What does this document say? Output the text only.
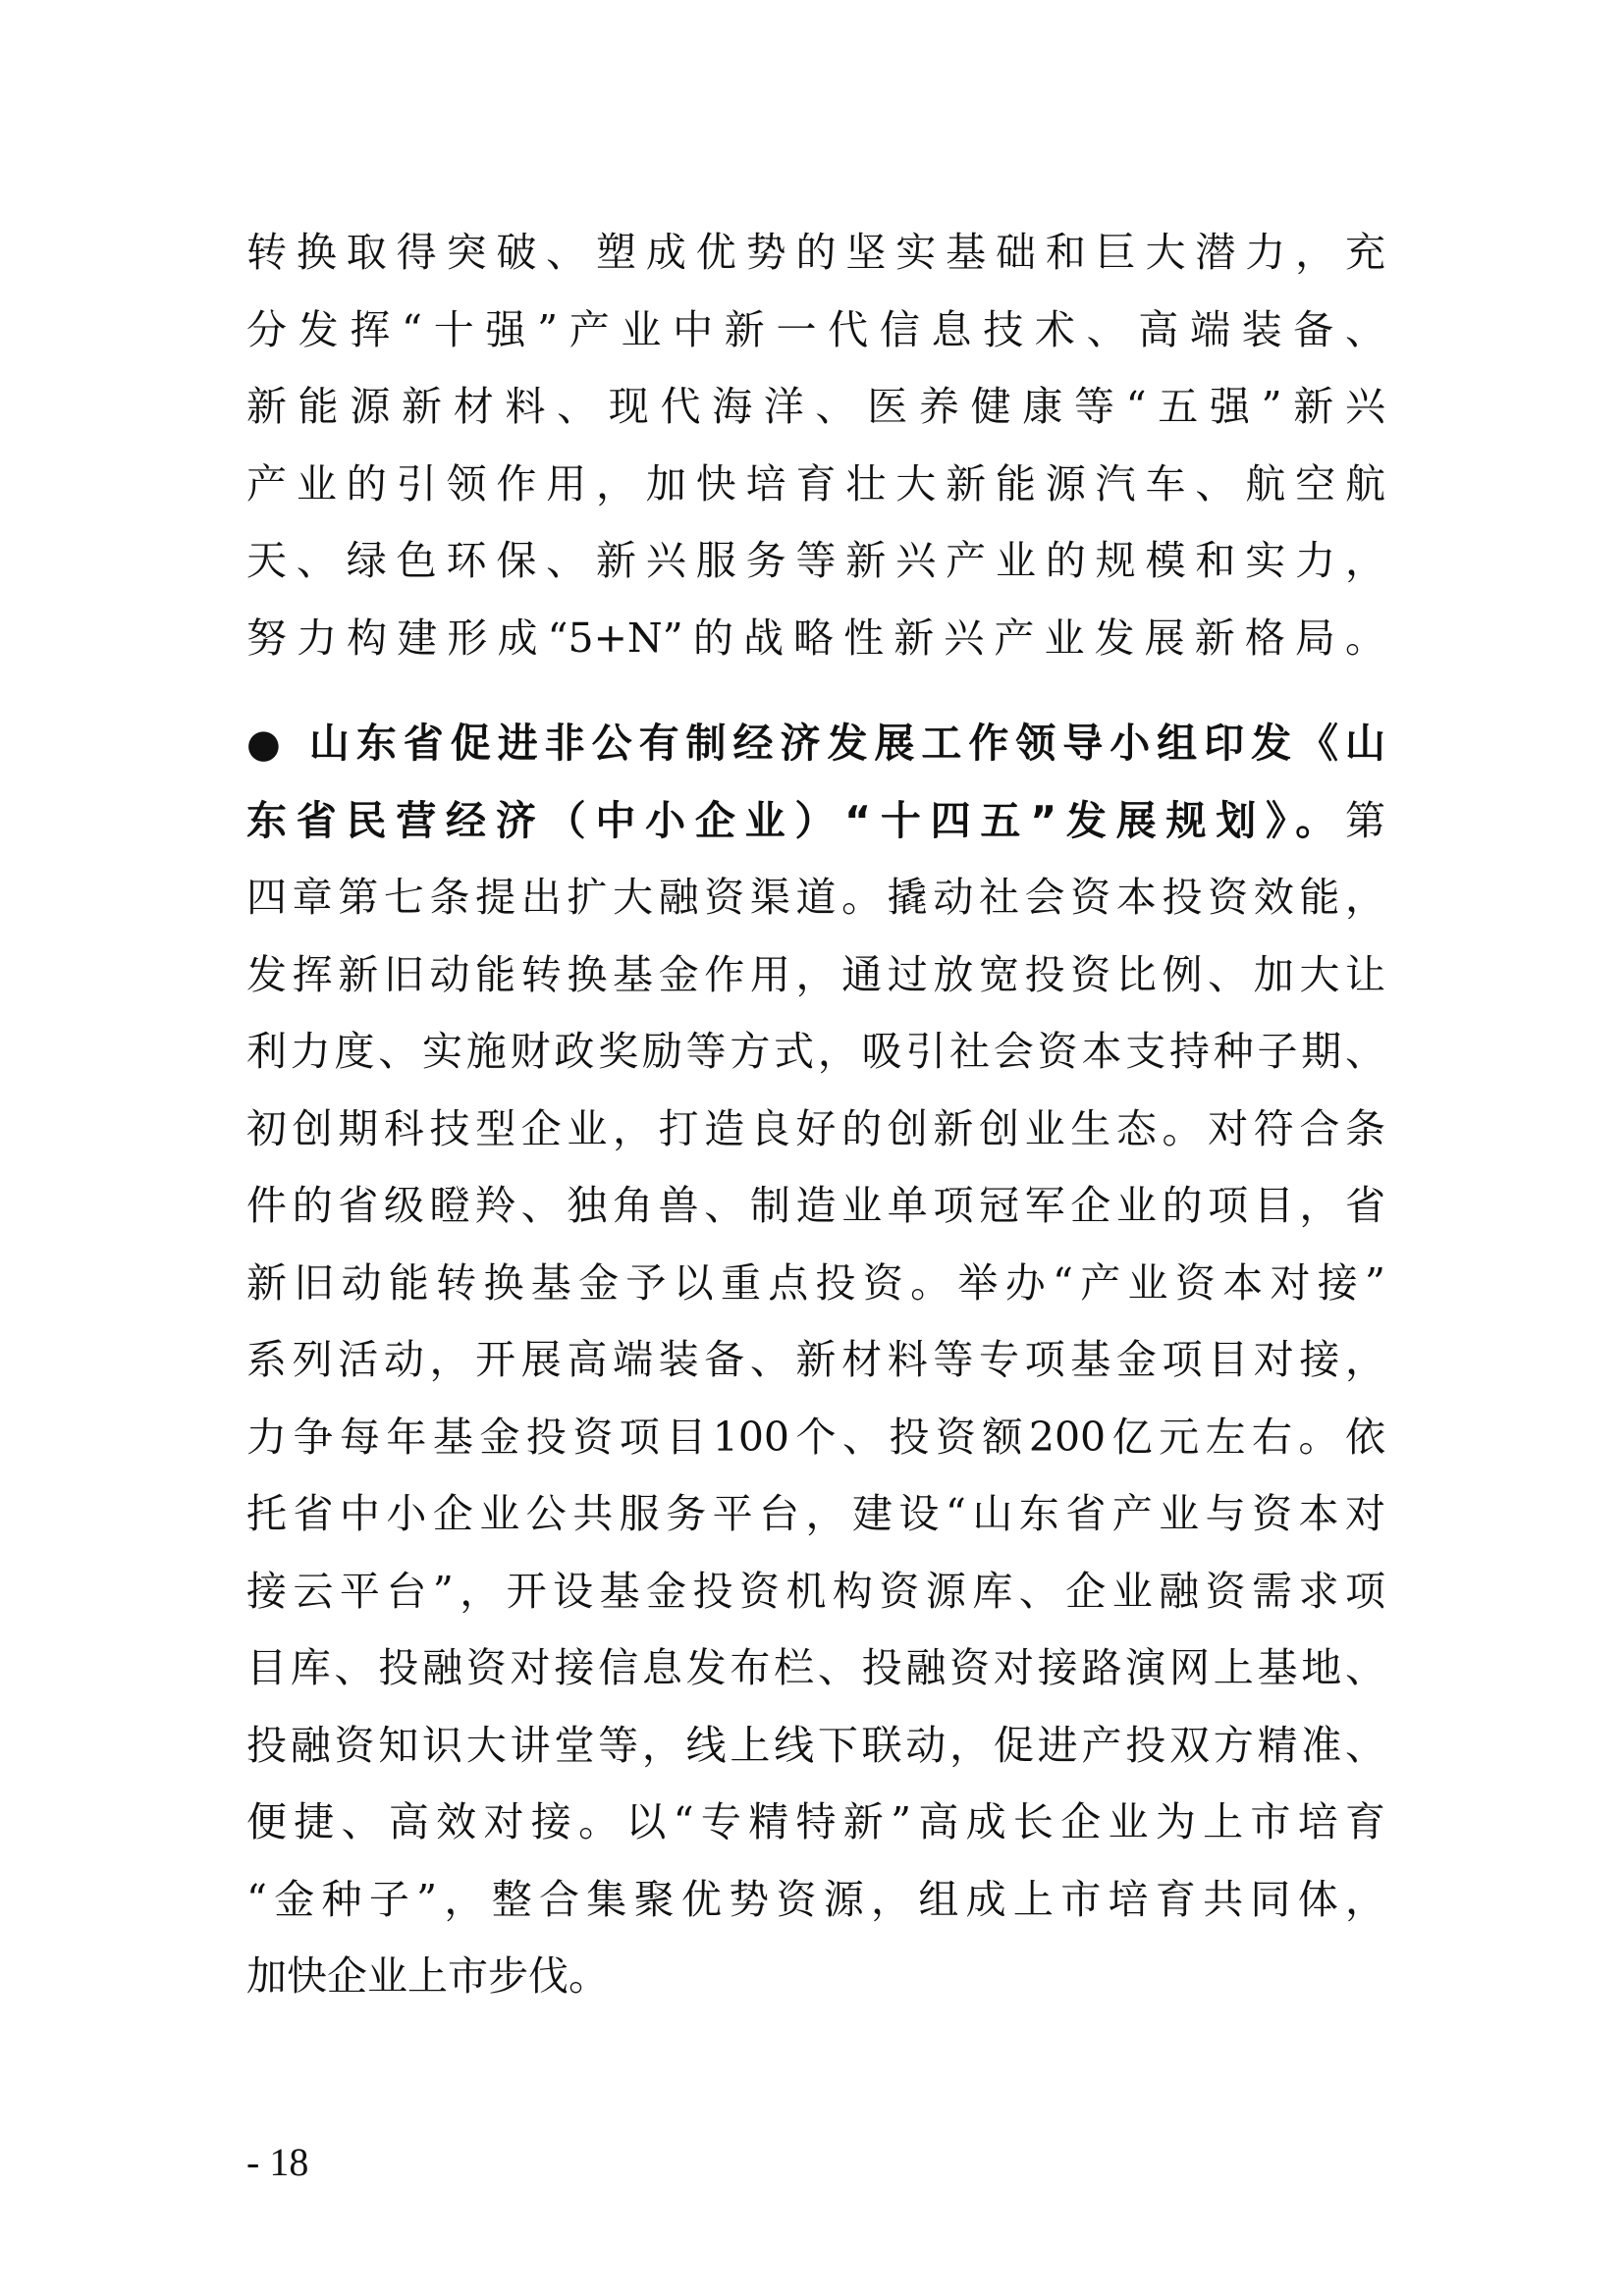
转换取得突破、塑成优势的坚实基础和巨大潜力，充
分发挥“十强”产业中新一代信息技术、高端装备、
新能源新材料、现代海洋、医养健康等“五强”新兴
产业的引领作用，加快培育壮大新能源汽车、航空航
天、绿色环保、新兴服务等新兴产业的规模和实力，
努力构建形成“5+N”的战略性新兴产业发展新格局。
● 山东省促进非公有制经济发展工作领导小组印发《山
东省民营经济（中小企业）“十四五”发展规划》。第
四章第七条提出扩大融资渠道。撬动社会资本投资效能，
发挥新旧动能转换基金作用，通过放宽投资比例、加大让
利力度、实施财政奖励等方式，吸引社会资本支持种子期、
初创期科技型企业，打造良好的创新创业生态。对符合条
件的省级瞪羚、独角兽、制造业单项冠军企业的项目，省
新旧动能转换基金予以重点投资。举办“产业资本对接”
系列活动，开展高端装备、新材料等专项基金项目对接，
力争每年基金投资项目100个、投资额200亿元左右。依
托省中小企业公共服务平台，建设“山东省产业与资本对
接云平台”，开设基金投资机构资源库、企业融资需求项
目库、投融资对接信息发布栏、投融资对接路演网上基地、
投融资知识大讲堂等，线上线下联动，促进产投双方精准、
便捷、高效对接。以“专精特新”高成长企业为上市培育
“金种子”，整合集聚优势资源，组成上市培育共同体，
加快企业上市步伐。
- 18
